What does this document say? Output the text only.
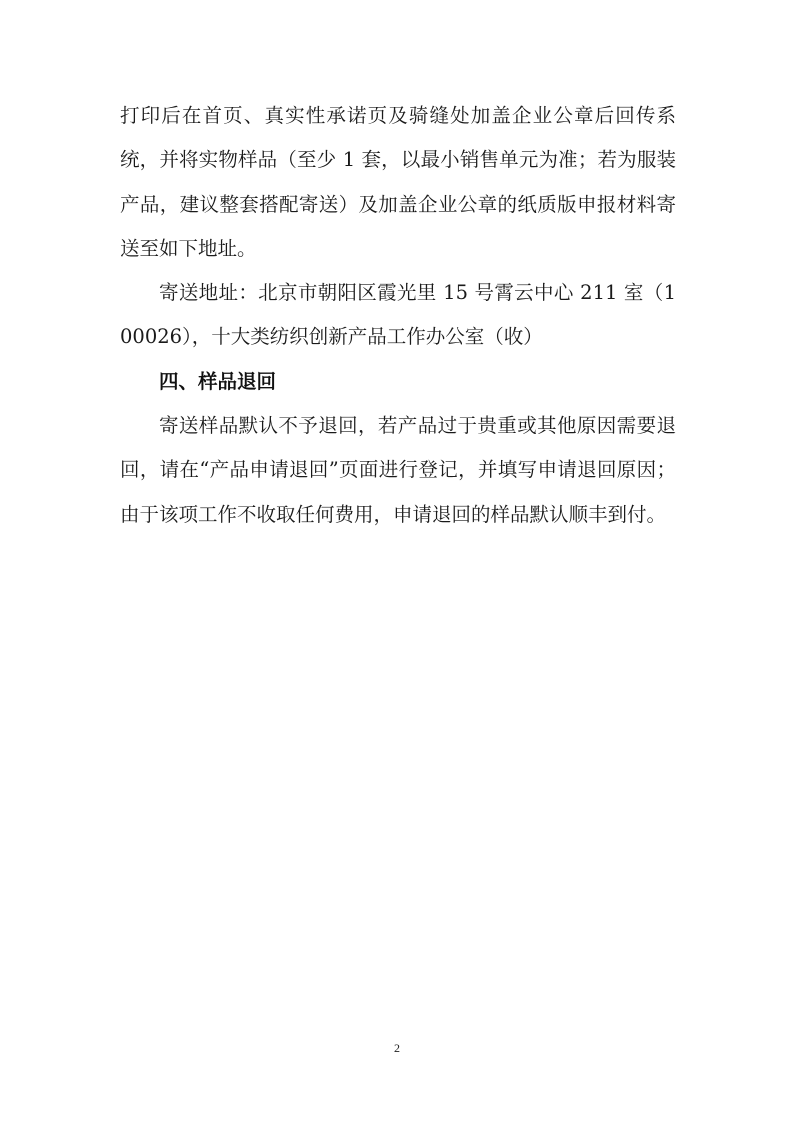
打印后在首页、真实性承诺页及骑缝处加盖企业公章后回传系统，并将实物样品（至少 1 套，以最小销售单元为准；若为服装产品，建议整套搭配寄送）及加盖企业公章的纸质版申报材料寄送至如下地址。

寄送地址：北京市朝阳区霞光里 15 号霄云中心 211 室（100026），十大类纺织创新产品工作办公室（收）

四、样品退回

寄送样品默认不予退回，若产品过于贵重或其他原因需要退回，请在“产品申请退回”页面进行登记，并填写申请退回原因；由于该项工作不收取任何费用，申请退回的样品默认顺丰到付。

2
